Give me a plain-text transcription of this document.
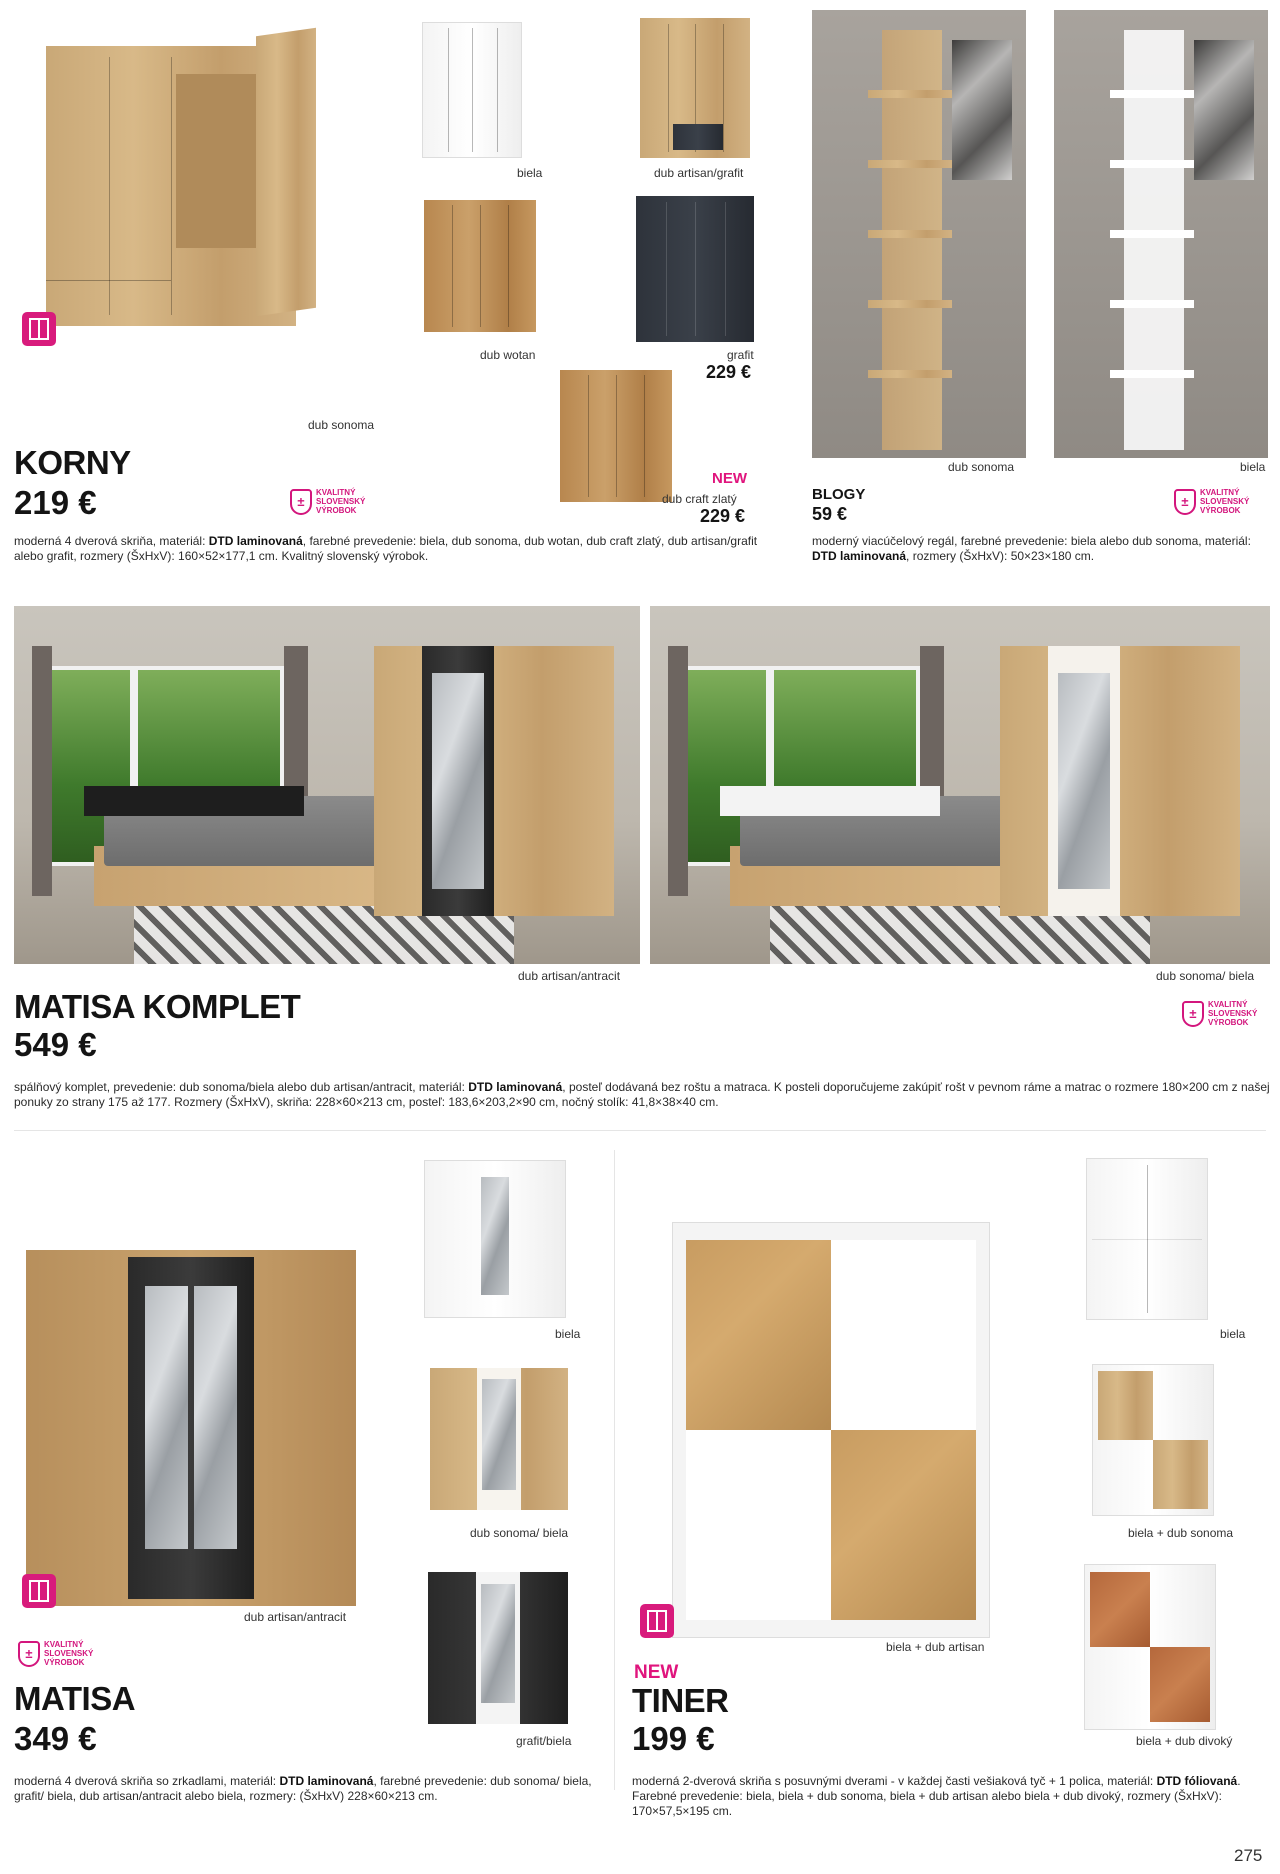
dub sonoma
biela	dub artisan/grafit
dub wotan	grafit
229 €
NEW
dub craft zlatý
229 €
KORNY
219 €	±
KVALITNÝ
SLOVENSKÝ
VÝROBOK
moderná 4 dverová skriňa, materiál: DTD laminovaná, farebné prevedenie: biela, dub sonoma, dub wotan, dub craft zlatý, dub artisan/grafit alebo grafit, rozmery (ŠxHxV): 160×52×177,1 cm. Kvalitný slovenský výrobok.
dub sonoma	biela
BLOGY
59 €
±
KVALITNÝ
SLOVENSKÝ
VÝROBOK
moderný viacúčelový regál, farebné prevedenie: biela alebo dub sonoma, materiál: DTD laminovaná, rozmery (ŠxHxV): 50×23×180 cm.
dub artisan/antracit	dub sonoma/ biela
MATISA KOMPLET
549 €
±
KVALITNÝ
SLOVENSKÝ
VÝROBOK
spálňový komplet, prevedenie: dub sonoma/biela alebo dub artisan/antracit, materiál: DTD laminovaná, posteľ dodávaná bez roštu a matraca. K posteli doporučujeme zakúpiť rošt v pevnom ráme a matrac o rozmere 180×200 cm z našej ponuky zo strany 175 až 177. Rozmery (ŠxHxV), skriňa: 228×60×213 cm, posteľ: 183,6×203,2×90 cm, nočný stolík: 41,8×38×40 cm.
dub artisan/antracit
biela
dub sonoma/ biela
grafit/biela
±
KVALITNÝ
SLOVENSKÝ
VÝROBOK
MATISA
349 €
moderná 4 dverová skriňa so zrkadlami, materiál: DTD laminovaná, farebné prevedenie: dub sonoma/ biela, grafit/ biela, dub artisan/antracit alebo biela, rozmery: (ŠxHxV) 228×60×213 cm.
biela + dub artisan
biela
biela + dub sonoma
biela + dub divoký
NEW
TINER
199 €
moderná 2-dverová skriňa s posuvnými dverami - v každej časti vešiaková tyč + 1 polica, materiál: DTD fóliovaná. Farebné prevedenie: biela, biela + dub sonoma, biela + dub artisan alebo biela + dub divoký, rozmery (ŠxHxV): 170×57,5×195 cm.
275
